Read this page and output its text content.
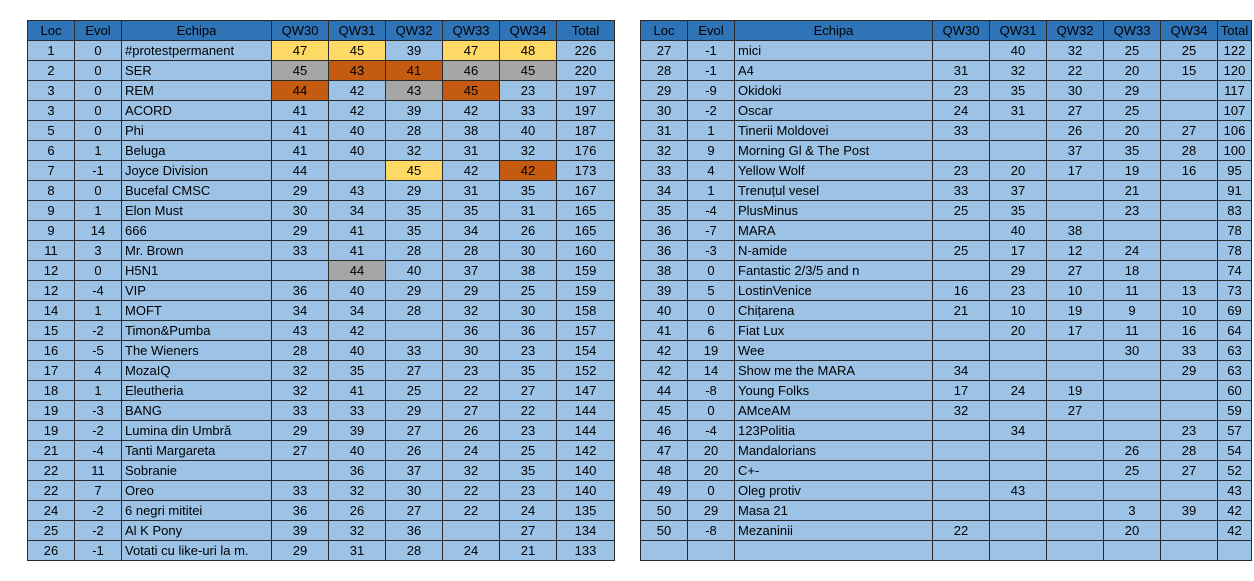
Loc	Evol	Echipa	QW30	QW31	QW32	QW33	QW34	Total
1	0	#protestpermanent	47	45	39	47	48	226
2	0	SER	45	43	41	46	45	220
3	0	REM	44	42	43	45	23	197
3	0	ACORD	41	42	39	42	33	197
5	0	Phi	41	40	28	38	40	187
6	1	Beluga	41	40	32	31	32	176
7	-1	Joyce Division	44		45	42	42	173
8	0	Bucefal CMSC	29	43	29	31	35	167
9	1	Elon Must	30	34	35	35	31	165
9	14	666	29	41	35	34	26	165
11	3	Mr. Brown	33	41	28	28	30	160
12	0	H5N1		44	40	37	38	159
12	-4	VIP	36	40	29	29	25	159
14	1	MOFT	34	34	28	32	30	158
15	-2	Timon&Pumba	43	42		36	36	157
16	-5	The Wieners	28	40	33	30	23	154
17	4	MozaIQ	32	35	27	23	35	152
18	1	Eleutheria	32	41	25	22	27	147
19	-3	BANG	33	33	29	27	22	144
19	-2	Lumina din Umbră	29	39	27	26	23	144
21	-4	Tanti Margareta	27	40	26	24	25	142
22	11	Sobranie		36	37	32	35	140
22	7	Oreo	33	32	30	22	23	140
24	-2	6 negri mititei	36	26	27	22	24	135
25	-2	Al K Pony	39	32	36		27	134
26	-1	Votati cu like-uri la m.	29	31	28	24	21	133
Loc	Evol	Echipa	QW30	QW31	QW32	QW33	QW34	Total
27	-1	mici		40	32	25	25	122
28	-1	A4	31	32	22	20	15	120
29	-9	Okidoki	23	35	30	29		117
30	-2	Oscar	24	31	27	25		107
31	1	Tinerii Moldovei	33		26	20	27	106
32	9	Morning Gl & The Post			37	35	28	100
33	4	Yellow Wolf	23	20	17	19	16	95
34	1	Trenuțul vesel	33	37		21		91
35	-4	PlusMinus	25	35		23		83
36	-7	MARA		40	38			78
36	-3	N-amide	25	17	12	24		78
38	0	Fantastic 2/3/5 and n		29	27	18		74
39	5	LostinVenice	16	23	10	11	13	73
40	0	Chițarena	21	10	19	9	10	69
41	6	Fiat Lux		20	17	11	16	64
42	19	Wee				30	33	63
42	14	Show me the MARA	34				29	63
44	-8	Young Folks	17	24	19			60
45	0	AMceAM	32		27			59
46	-4	123Politia		34			23	57
47	20	Mandalorians				26	28	54
48	20	C+-				25	27	52
49	0	Oleg protiv		43				43
50	29	Masa 21				3	39	42
50	-8	Mezaninii	22			20		42
